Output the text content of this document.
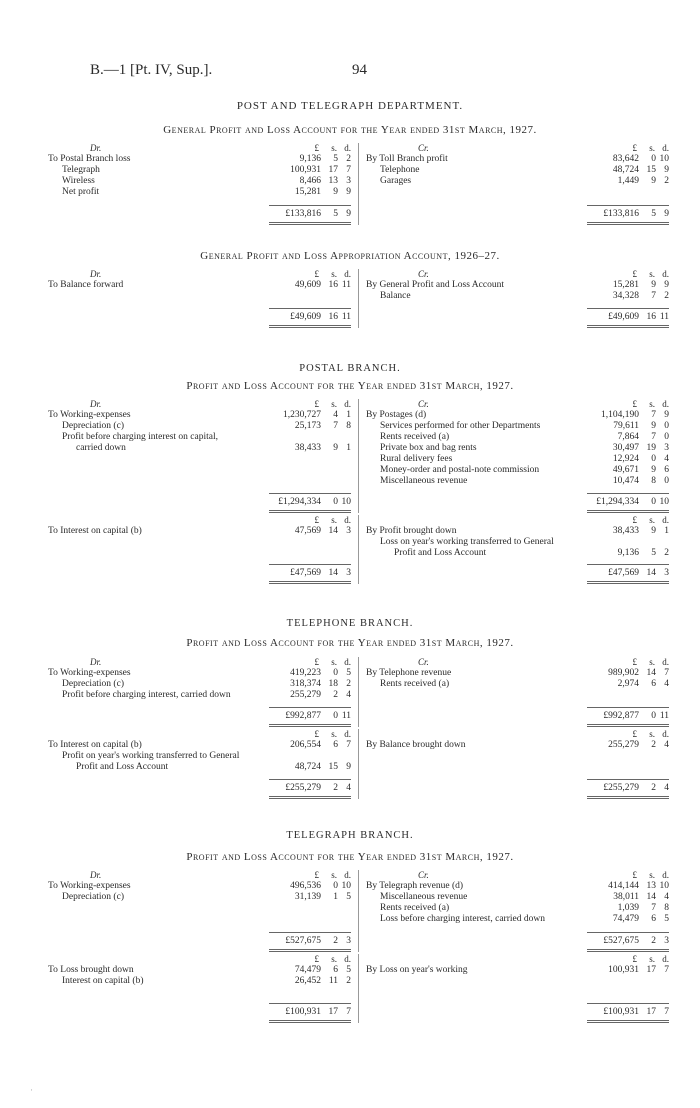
B.—1 [Pt. IV, Sup.].	94
POST AND TELEGRAPH DEPARTMENT.
General Profit and Loss Account for the Year ended 31st March, 1927.
Dr.	£ s. d.
To Postal Branch loss	9,136	5 2
Telegraph	100,931 17 7
Wireless	8,466 13 3
Net profit	15,281	9 9
£133,816 5 9
Cr.	£ s. d.
By Toll Branch profit	83,642	0 10
Telephone	48,724 15 9
Garages	1,449	9 2
£133,816 5 9
General Profit and Loss Appropriation Account, 1926–27.
Dr.	£ s. d.
To Balance forward	49,609 16 11
£49,609 16 11
Cr.	£ s. d.
By General Profit and Loss Account	15,281	9 9
Balance	34,328	7 2
£49,609 16 11
POSTAL BRANCH.
Profit and Loss Account for the Year ended 31st March, 1927.
Dr.	£ s. d.
To Working-expenses	1,230,727	4 1
Depreciation (c)	25,173	7 8
Profit before charging interest on capital,
carried down	38,433	9 1
£1,294,334 0 10
Cr.	£ s. d.
By Postages (d)	1,104,190	7 9
Services performed for other Departments	79,611	9 0
Rents received (a)	7,864	7 0
Private box and bag rents	30,497 19 3
Rural delivery fees	12,924	0 4
Money-order and postal-note commission	49,671	9 6
Miscellaneous revenue	10,474	8 0
£1,294,334 0 10
£ s. d.
To Interest on capital (b)	47,569 14 3
£47,569 14 3
£ s. d.
By Profit brought down	38,433	9 1
Loss on year's working transferred to General
Profit and Loss Account	9,136	5 2
£47,569 14 3
TELEPHONE BRANCH.
Profit and Loss Account for the Year ended 31st March, 1927.
Dr.	£ s. d.
To Working-expenses	419,223	0 5
Depreciation (c)	318,374 18 2
Profit before charging interest, carried down	255,279	2 4
£992,877 0 11
Cr.	£ s. d.
By Telephone revenue	989,902 14 7
Rents received (a)	2,974	6 4
£992,877 0 11
£ s. d.
To Interest on capital (b)	206,554	6 7
Profit on year's working transferred to General
Profit and Loss Account	48,724 15 9
£255,279 2 4
£ s. d.
By Balance brought down	255,279	2 4
£255,279 2 4
TELEGRAPH BRANCH.
Profit and Loss Account for the Year ended 31st March, 1927.
Dr.	£ s. d.
To Working-expenses	496,536	0 10
Depreciation (c)	31,139	1 5
£527,675 2 3
Cr.	£ s. d.
By Telegraph revenue (d)	414,144 13 10
Miscellaneous revenue	38,011 14 4
Rents received (a)	1,039	7 8
Loss before charging interest, carried down	74,479	6 5
£527,675 2 3
£ s. d.
To Loss brought down	74,479	6 5
Interest on capital (b)	26,452 11 2
£100,931 17 7
£ s. d.
By Loss on year's working	100,931 17 7
£100,931 17 7
·
